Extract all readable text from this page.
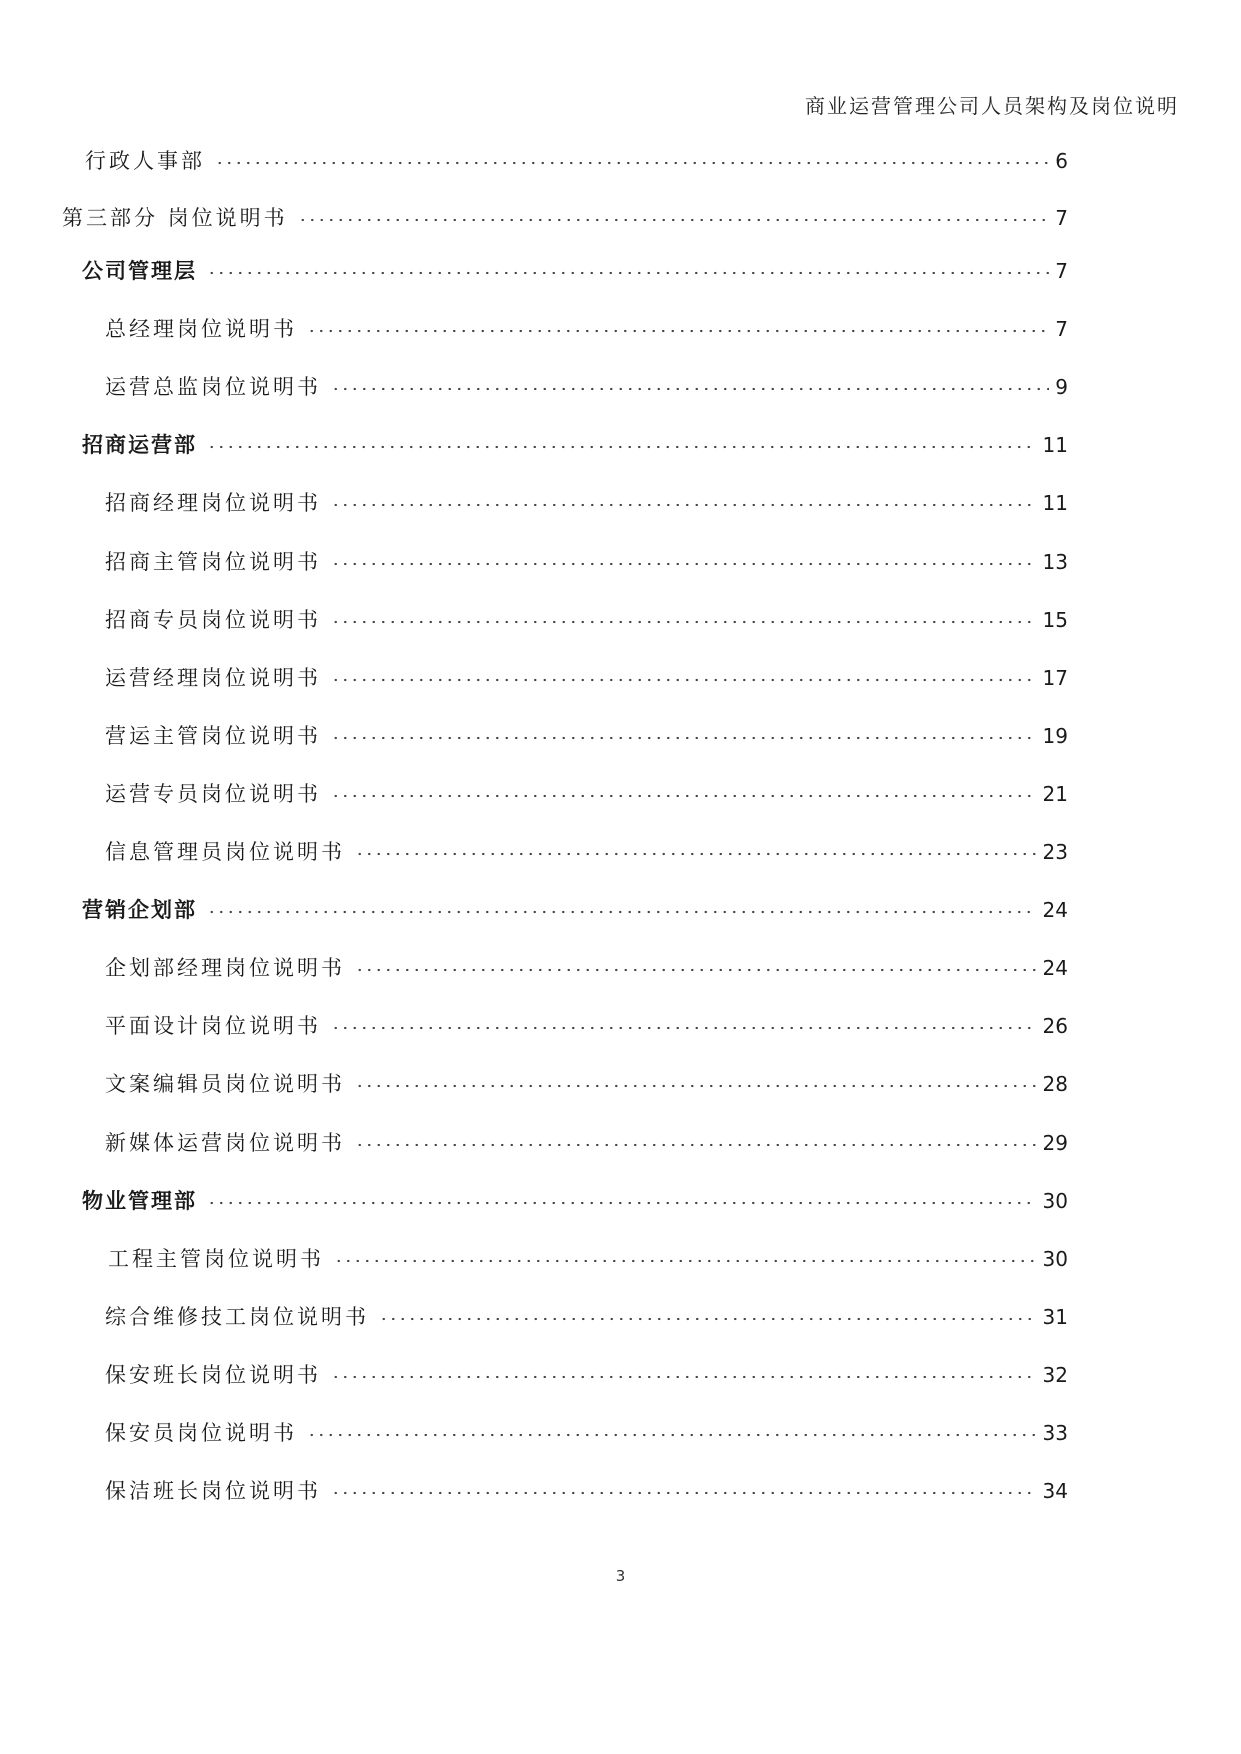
商业运营管理公司人员架构及岗位说明
行政人事部	6
第三部分 岗位说明书	7
公司管理层	7
总经理岗位说明书	7
运营总监岗位说明书	9
招商运营部	11
招商经理岗位说明书	11
招商主管岗位说明书	13
招商专员岗位说明书	15
运营经理岗位说明书	17
营运主管岗位说明书	19
运营专员岗位说明书	21
信息管理员岗位说明书	23
营销企划部	24
企划部经理岗位说明书	24
平面设计岗位说明书	26
文案编辑员岗位说明书	28
新媒体运营岗位说明书	29
物业管理部	30
工程主管岗位说明书	30
综合维修技工岗位说明书	31
保安班长岗位说明书	32
保安员岗位说明书	33
保洁班长岗位说明书	34
3
